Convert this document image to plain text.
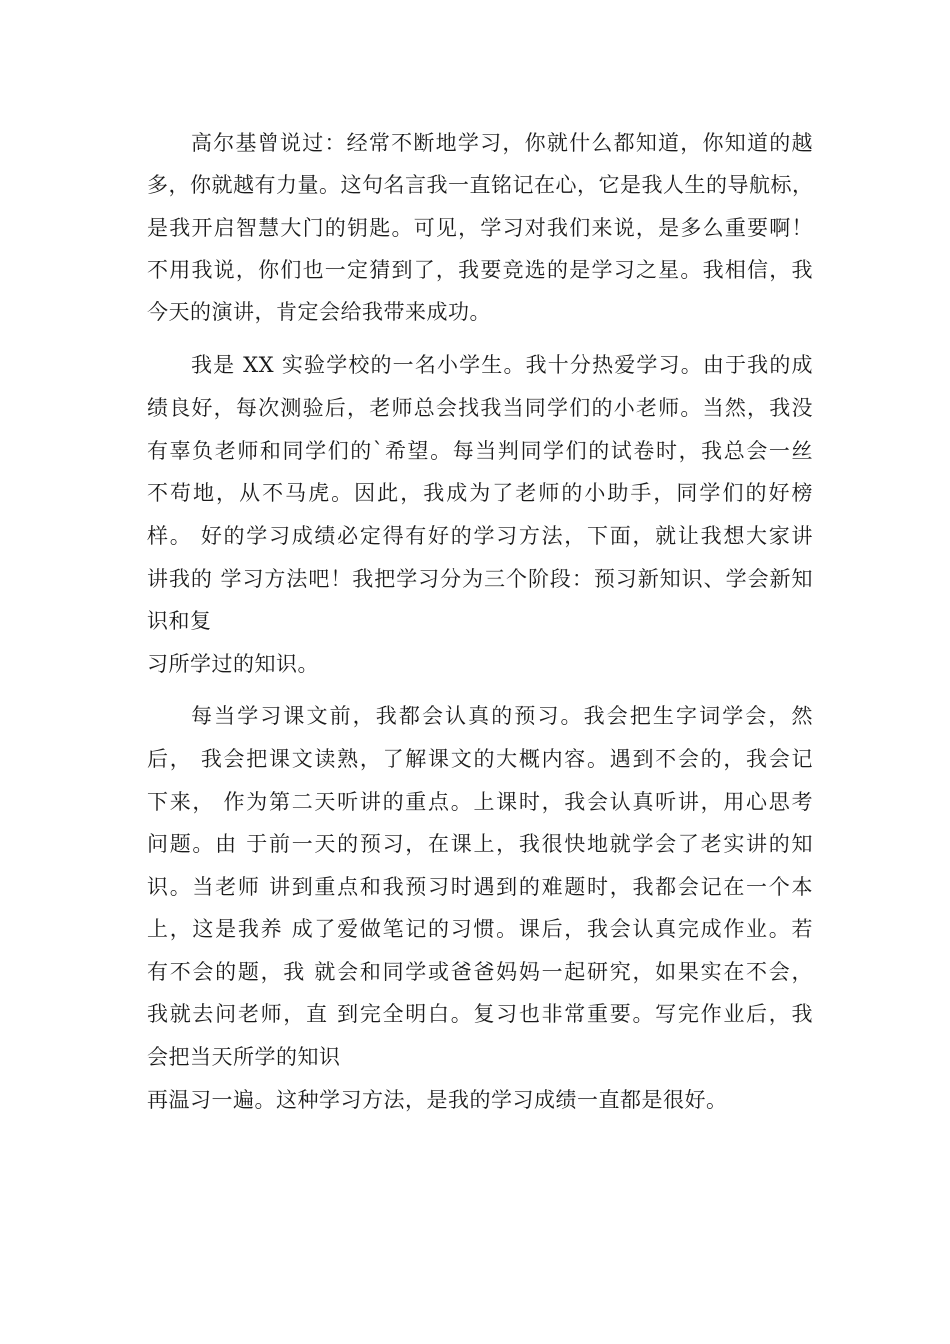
高尔基曾说过：经常不断地学习，你就什么都知道，你知道的越
多，你就越有力量。这句名言我一直铭记在心，它是我人生的导航标，
是我开启智慧大门的钥匙。可见，学习对我们来说，是多么重要啊！
不用我说，你们也一定猜到了，我要竞选的是学习之星。我相信，我
今天的演讲，肯定会给我带来成功。
我是 XX 实验学校的一名小学生。我十分热爱学习。由于我的成
绩良好，每次测验后，老师总会找我当同学们的小老师。当然，我没
有辜负老师和同学们的`希望。每当判同学们的试卷时，我总会一丝
不苟地，从不马虎。因此，我成为了老师的小助手，同学们的好榜
样。 好的学习成绩必定得有好的学习方法，下面，就让我想大家讲
讲我的 学习方法吧！我把学习分为三个阶段：预习新知识、学会新知
识和复
习所学过的知识。
每当学习课文前，我都会认真的预习。我会把生字词学会，然
后， 我会把课文读熟，了解课文的大概内容。遇到不会的，我会记
下来， 作为第二天听讲的重点。上课时，我会认真听讲，用心思考
问题。由 于前一天的预习，在课上，我很快地就学会了老实讲的知
识。当老师 讲到重点和我预习时遇到的难题时，我都会记在一个本
上，这是我养 成了爱做笔记的习惯。课后，我会认真完成作业。若
有不会的题，我 就会和同学或爸爸妈妈一起研究，如果实在不会，
我就去问老师，直 到完全明白。复习也非常重要。写完作业后，我
会把当天所学的知识
再温习一遍。这种学习方法，是我的学习成绩一直都是很好。
